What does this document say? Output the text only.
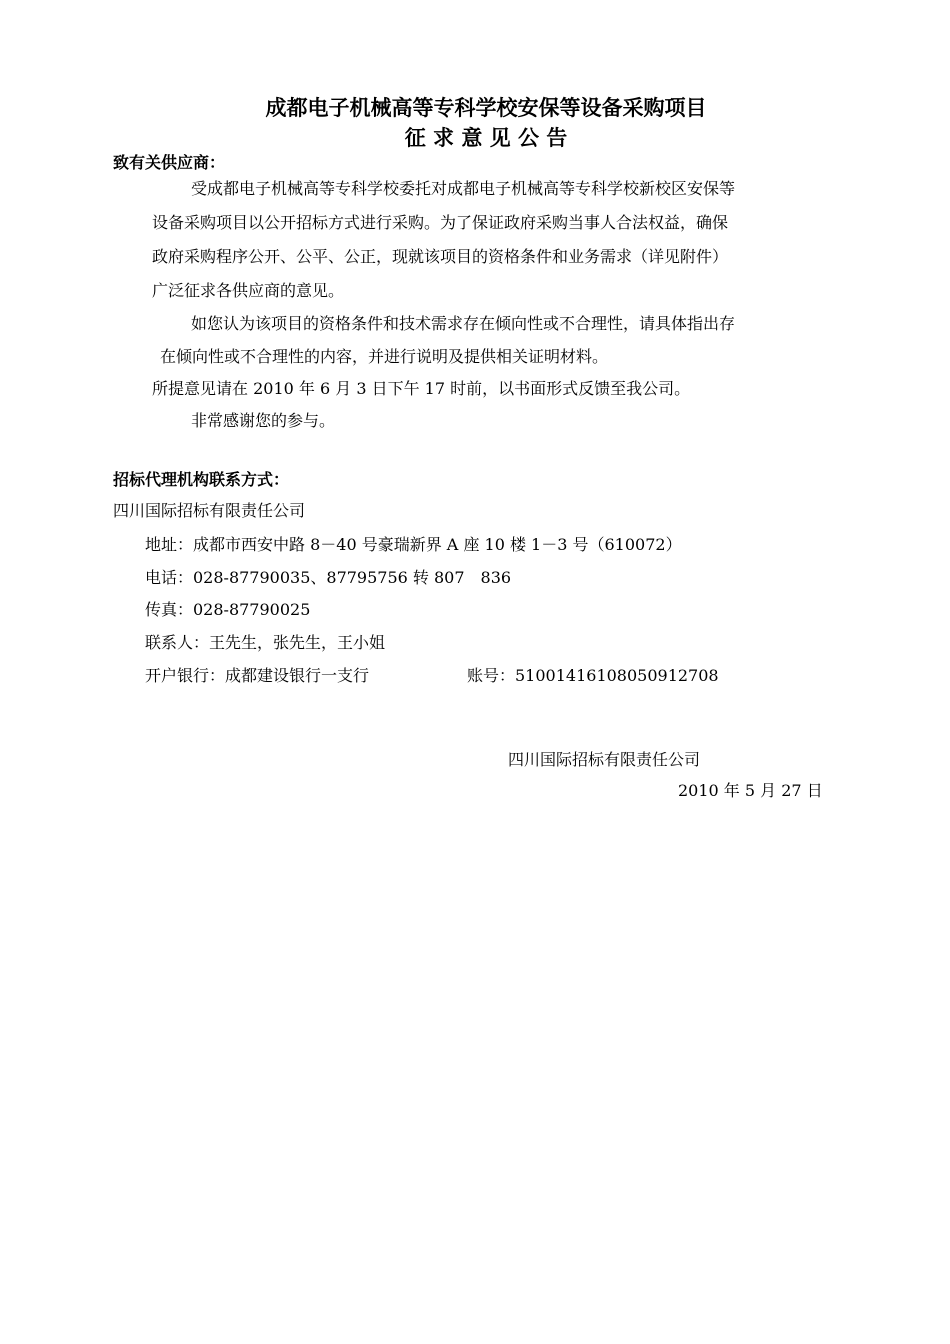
成都电子机械高等专科学校安保等设备采购项目
征 求 意 见 公 告
致有关供应商：
受成都电子机械高等专科学校委托对成都电子机械高等专科学校新校区安保等
设备采购项目以公开招标方式进行采购。为了保证政府采购当事人合法权益，确保
政府采购程序公开、公平、公正，现就该项目的资格条件和业务需求（详见附件）
广泛征求各供应商的意见。
如您认为该项目的资格条件和技术需求存在倾向性或不合理性，请具体指出存
在倾向性或不合理性的内容，并进行说明及提供相关证明材料。
所提意见请在 2010 年 6 月 3 日下午 17 时前，以书面形式反馈至我公司。
非常感谢您的参与。
招标代理机构联系方式：
四川国际招标有限责任公司
地址：成都市西安中路 8－40 号豪瑞新界 A 座 10 楼 1－3 号（610072）
电话：028-87790035、87795756 转 807　836
传真：028-87790025
联系人：王先生，张先生，王小姐
开户银行：成都建设银行一支行	账号：51001416108050912708
四川国际招标有限责任公司
2010 年 5 月 27 日
